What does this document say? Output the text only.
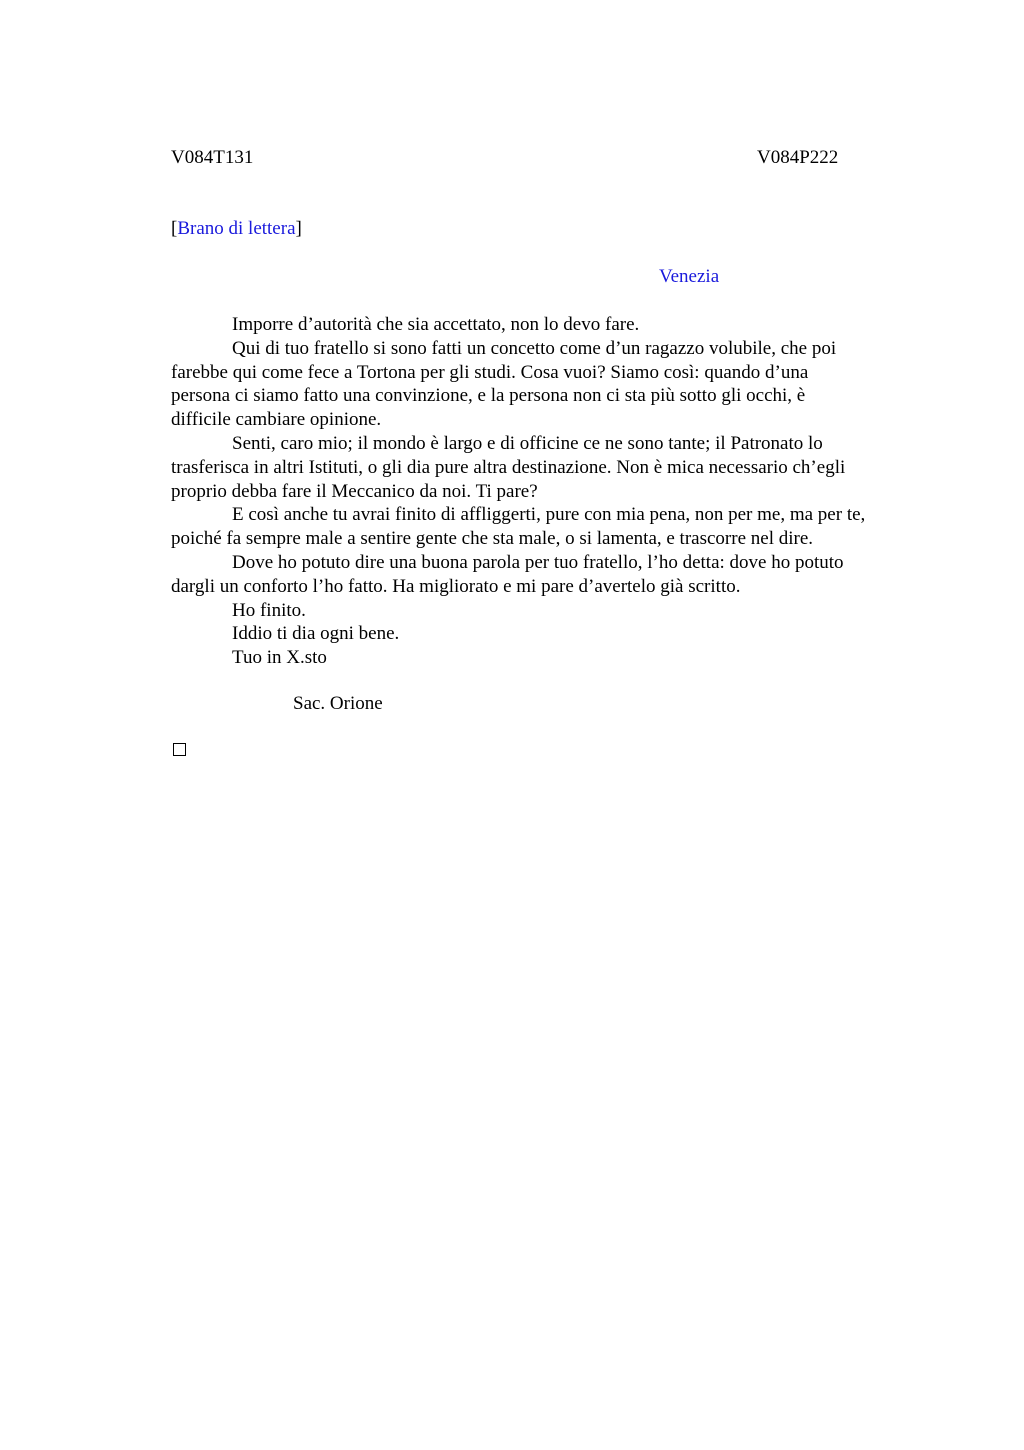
V084T131	V084P222
[Brano di lettera]
Venezia

Imporre d’autorità che sia accettato, non lo devo fare.

Qui di tuo fratello si sono fatti un concetto come d’un ragazzo volubile, che poi
farebbe qui come fece a Tortona per gli studi. Cosa vuoi? Siamo così: quando d’una
persona ci siamo fatto una convinzione, e la persona non ci sta più sotto gli occhi, è
difficile cambiare opinione.

Senti, caro mio; il mondo è largo e di officine ce ne sono tante; il Patronato lo
trasferisca in altri Istituti, o gli dia pure altra destinazione. Non è mica necessario ch’egli
proprio debba fare il Meccanico da noi. Ti pare?

E così anche tu avrai finito di affliggerti, pure con mia pena, non per me, ma per te,
poiché fa sempre male a sentire gente che sta male, o si lamenta, e trascorre nel dire.

Dove ho potuto dire una buona parola per tuo fratello, l’ho detta: dove ho potuto
dargli un conforto l’ho fatto. Ha migliorato e mi pare d’avertelo già scritto.

Ho finito.

Iddio ti dia ogni bene.

Tuo in X.sto

Sac. Orione
